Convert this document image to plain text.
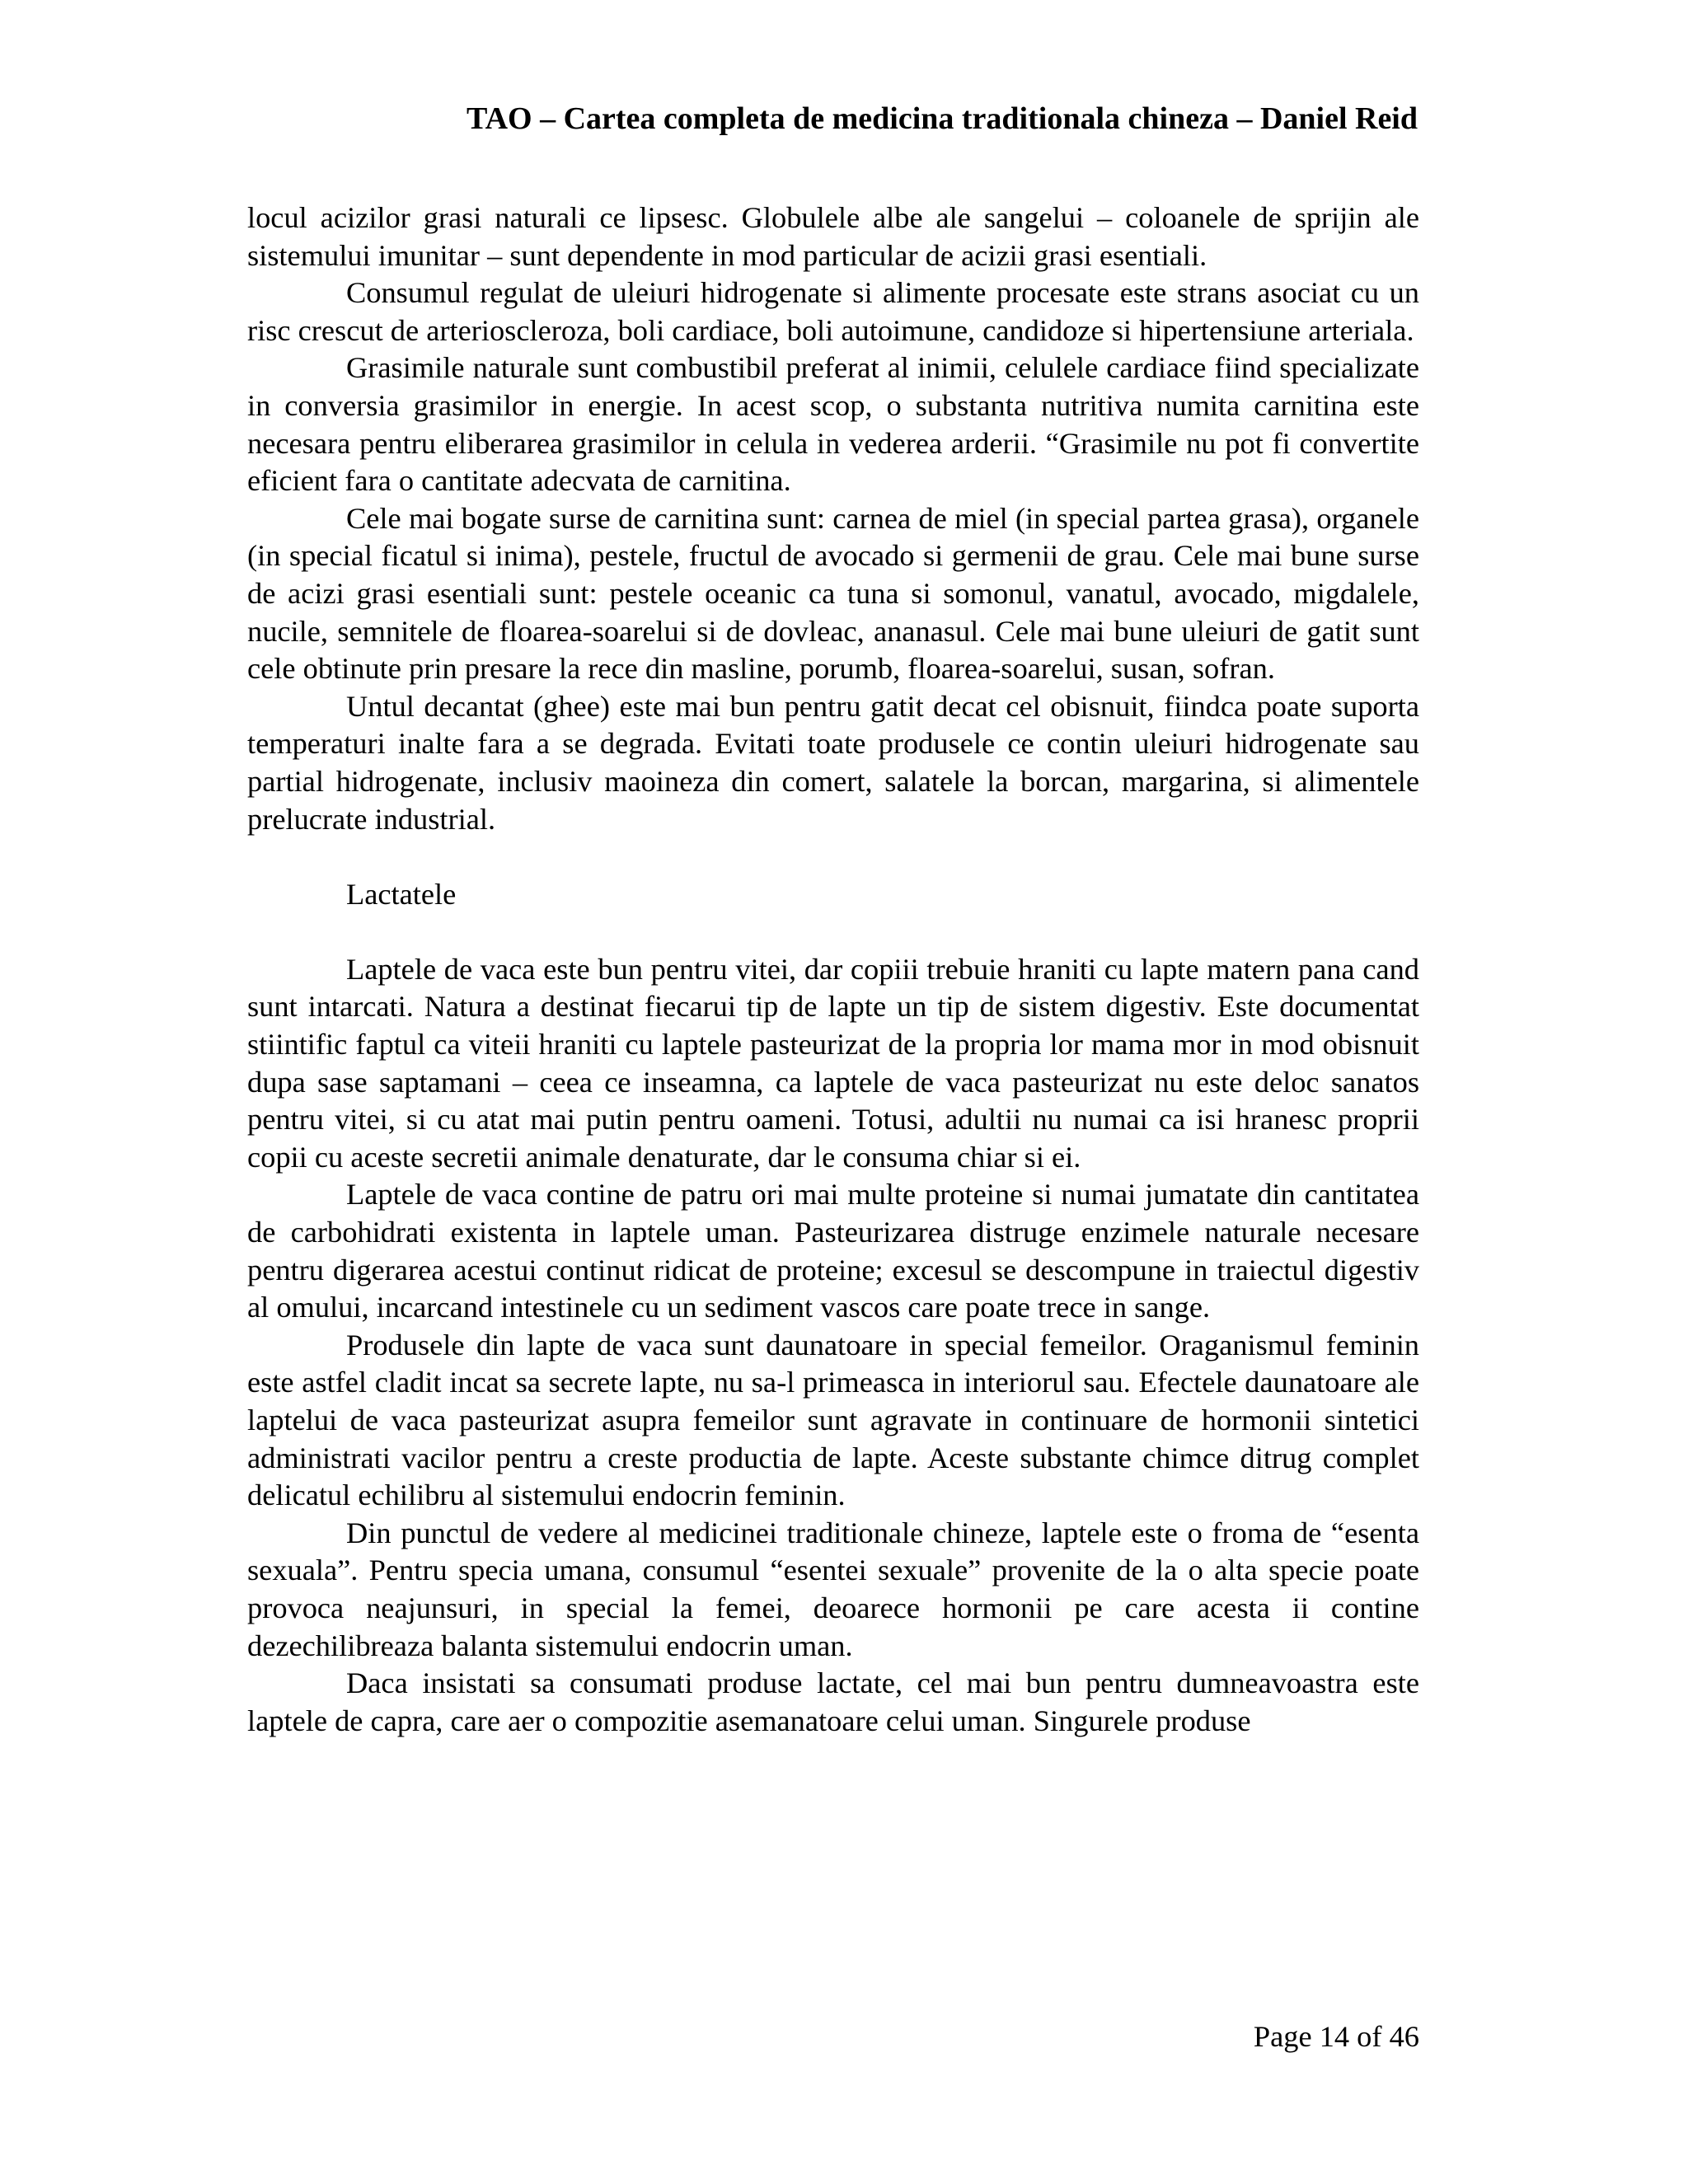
TAO – Cartea completa de medicina traditionala chineza – Daniel Reid

locul acizilor grasi naturali ce lipsesc. Globulele albe ale sangelui – coloanele de sprijin ale sistemului imunitar – sunt dependente in mod particular de acizii grasi esentiali.

Consumul regulat de uleiuri hidrogenate si alimente procesate este strans asociat cu un risc crescut de arterioscleroza, boli cardiace, boli autoimune, candidoze si hipertensiune arteriala.

Grasimile naturale sunt combustibil preferat al inimii, celulele cardiace fiind specializate in conversia grasimilor in energie. In acest scop, o substanta nutritiva numita carnitina este necesara pentru eliberarea grasimilor in celula in vederea arderii. “Grasimile nu pot fi convertite eficient fara o cantitate adecvata de carnitina.

Cele mai bogate surse de carnitina sunt: carnea de miel (in special partea grasa), organele (in special ficatul si inima), pestele, fructul de avocado si germenii de grau. Cele mai bune surse de acizi grasi esentiali sunt: pestele oceanic ca tuna si somonul, vanatul, avocado, migdalele, nucile, semnitele de floarea-soarelui si de dovleac, ananasul. Cele mai bune uleiuri de gatit sunt cele obtinute prin presare la rece din masline, porumb, floarea-soarelui, susan, sofran.

Untul decantat (ghee) este mai bun pentru gatit decat cel obisnuit, fiindca poate suporta temperaturi inalte fara a se degrada. Evitati toate produsele ce contin uleiuri hidrogenate sau partial hidrogenate, inclusiv maoineza din comert, salatele la borcan, margarina, si alimentele prelucrate industrial.

Lactatele

Laptele de vaca este bun pentru vitei, dar copiii trebuie hraniti cu lapte matern pana cand sunt intarcati. Natura a destinat fiecarui tip de lapte un tip de sistem digestiv. Este documentat stiintific faptul ca viteii hraniti cu laptele pasteurizat de la propria lor mama mor in mod obisnuit dupa sase saptamani – ceea ce inseamna, ca laptele de vaca pasteurizat nu este deloc sanatos pentru vitei, si cu atat mai putin pentru oameni. Totusi, adultii nu numai ca isi hranesc proprii copii cu aceste secretii animale denaturate, dar le consuma chiar si ei.

Laptele de vaca contine de patru ori mai multe proteine si numai jumatate din cantitatea de carbohidrati existenta in laptele uman. Pasteurizarea distruge enzimele naturale necesare pentru digerarea acestui continut ridicat de proteine; excesul se descompune in traiectul digestiv al omului, incarcand intestinele cu un sediment vascos care poate trece in sange.

Produsele din lapte de vaca sunt daunatoare in special femeilor. Oraganismul feminin este astfel cladit incat sa secrete lapte, nu sa-l primeasca in interiorul sau. Efectele daunatoare ale laptelui de vaca pasteurizat asupra femeilor sunt agravate in continuare de hormonii sintetici administrati vacilor pentru a creste productia de lapte. Aceste substante chimce ditrug complet delicatul echilibru al sistemului endocrin feminin.

Din punctul de vedere al medicinei traditionale chineze, laptele este o froma de “esenta sexuala”. Pentru specia umana, consumul “esentei sexuale” provenite de la o alta specie poate provoca neajunsuri, in special la femei, deoarece hormonii pe care acesta ii contine dezechilibreaza balanta sistemului endocrin uman.

Daca insistati sa consumati produse lactate, cel mai bun pentru dumneavoastra este laptele de capra, care aer o compozitie asemanatoare celui uman. Singurele produse

Page 14 of 46
